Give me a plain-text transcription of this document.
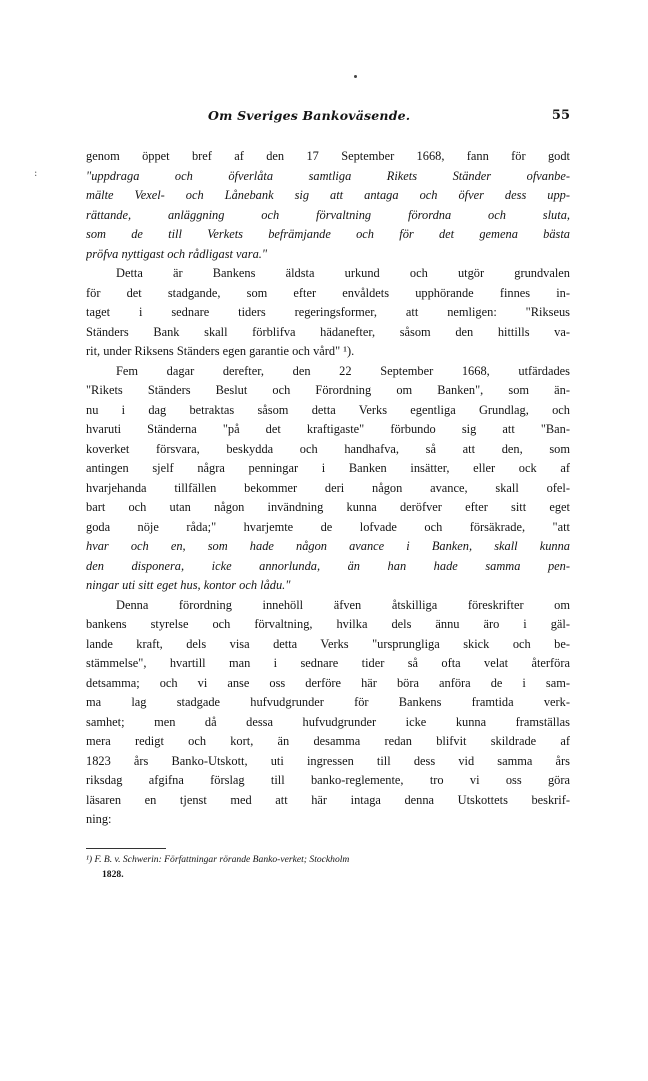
:
Om Sveriges Bankoväsende.	55
genom öppet bref af den 17 September 1668, fann för godt
"uppdraga och öfverlåta samtliga Rikets Ständer ofvanbe-
mälte Vexel- och Lånebank sig att antaga och öfver dess upp-
rättande, anläggning och förvaltning förordna och sluta,
som de till Verkets befrämjande och för det gemena bästa
pröfva nyttigast och rådligast vara."
Detta är Bankens äldsta urkund och utgör grundvalen
för det stadgande, som efter envåldets upphörande finnes in-
taget i sednare tiders regeringsformer, att nemligen: "Rikseus
Ständers Bank skall förblifva hädanefter, såsom den hittills va-
rit, under Riksens Ständers egen garantie och vård" ¹).
Fem dagar derefter, den 22 September 1668, utfärdades
"Rikets Ständers Beslut och Förordning om Banken", som än-
nu i dag betraktas såsom detta Verks egentliga Grundlag, och
hvaruti Ständerna "på det kraftigaste" förbundo sig att "Ban-
koverket försvara, beskydda och handhafva, så att den, som
antingen sjelf några penningar i Banken insätter, eller ock af
hvarjehanda tillfällen bekommer deri någon avance, skall ofel-
bart och utan någon invändning kunna deröfver efter sitt eget
goda nöje råda;" hvarjemte de lofvade och försäkrade, "att
hvar och en, som hade någon avance i Banken, skall kunna
den disponera, icke annorlunda, än han hade samma pen-
ningar uti sitt eget hus, kontor och lådu."
Denna förordning innehöll äfven åtskilliga föreskrifter om
bankens styrelse och förvaltning, hvilka dels ännu äro i gäl-
lande kraft, dels visa detta Verks "ursprungliga skick och be-
stämmelse", hvartill man i sednare tider så ofta velat återföra
detsamma; och vi anse oss derföre här böra anföra de i sam-
ma lag stadgade hufvudgrunder för Bankens framtida verk-
samhet; men då dessa hufvudgrunder icke kunna framställas
mera redigt och kort, än desamma redan blifvit skildrade af
1823 års Banko-Utskott, uti ingressen till dess vid samma års
riksdag afgifna förslag till banko-reglemente, tro vi oss göra
läsaren en tjenst med att här intaga denna Utskottets beskrif-
ning:
¹) F. B. v. Schwerin: Författningar rörande Banko-verket; Stockholm
1828.
